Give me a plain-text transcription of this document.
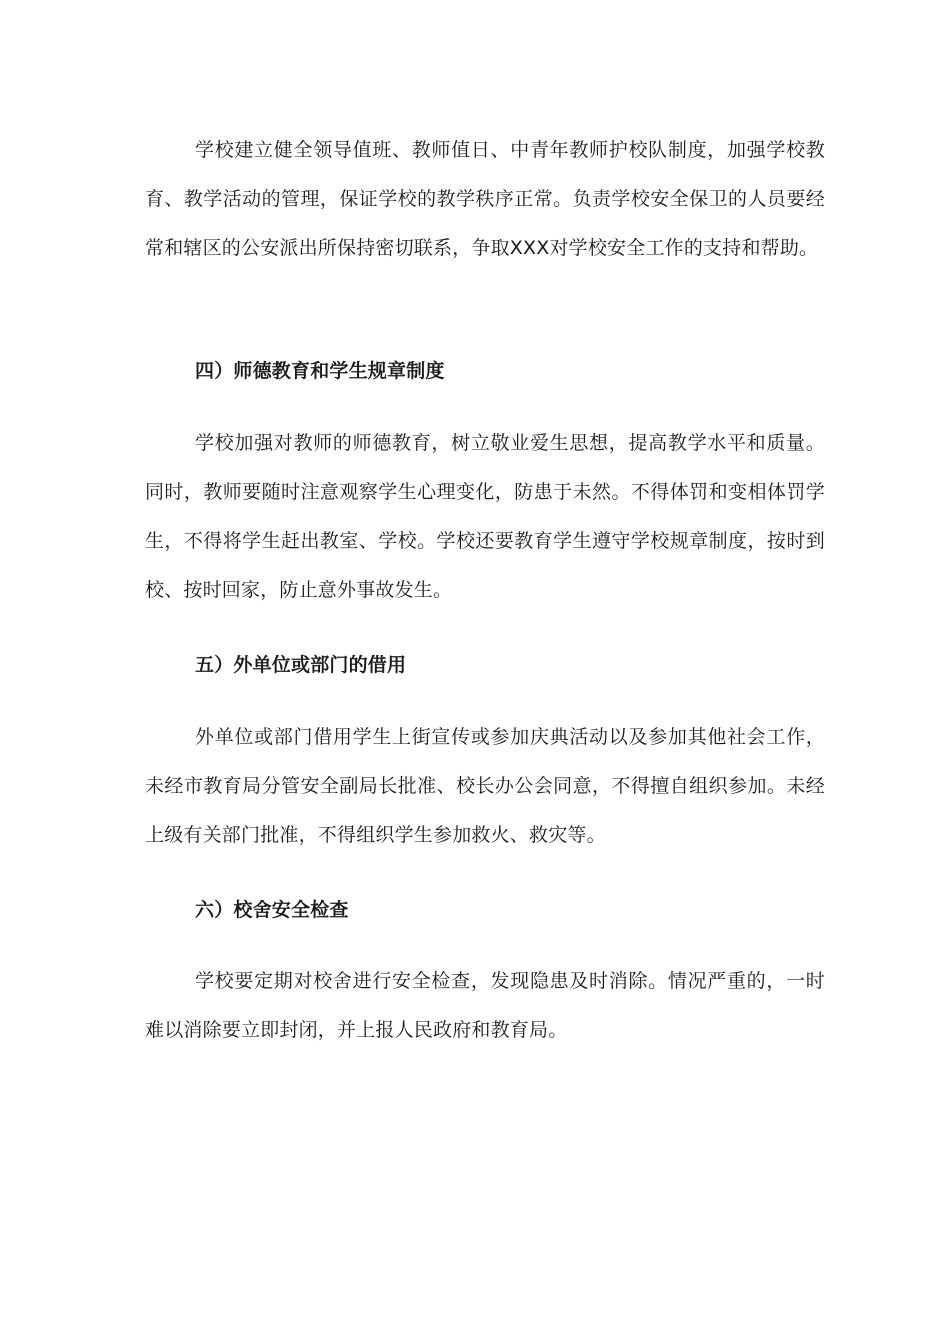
学校建立健全领导值班、教师值日、中青年教师护校队制度，加强学校教育、教学活动的管理，保证学校的教学秩序正常。负责学校安全保卫的人员要经常和辖区的公安派出所保持密切联系，争取XXX对学校安全工作的支持和帮助。

四）师德教育和学生规章制度

学校加强对教师的师德教育，树立敬业爱生思想，提高教学水平和质量。同时，教师要随时注意观察学生心理变化，防患于未然。不得体罚和变相体罚学生，不得将学生赶出教室、学校。学校还要教育学生遵守学校规章制度，按时到校、按时回家，防止意外事故发生。

五）外单位或部门的借用

外单位或部门借用学生上街宣传或参加庆典活动以及参加其他社会工作，未经市教育局分管安全副局长批准、校长办公会同意，不得擅自组织参加。未经上级有关部门批准，不得组织学生参加救火、救灾等。

六）校舍安全检查

学校要定期对校舍进行安全检查，发现隐患及时消除。情况严重的，一时难以消除要立即封闭，并上报人民政府和教育局。
